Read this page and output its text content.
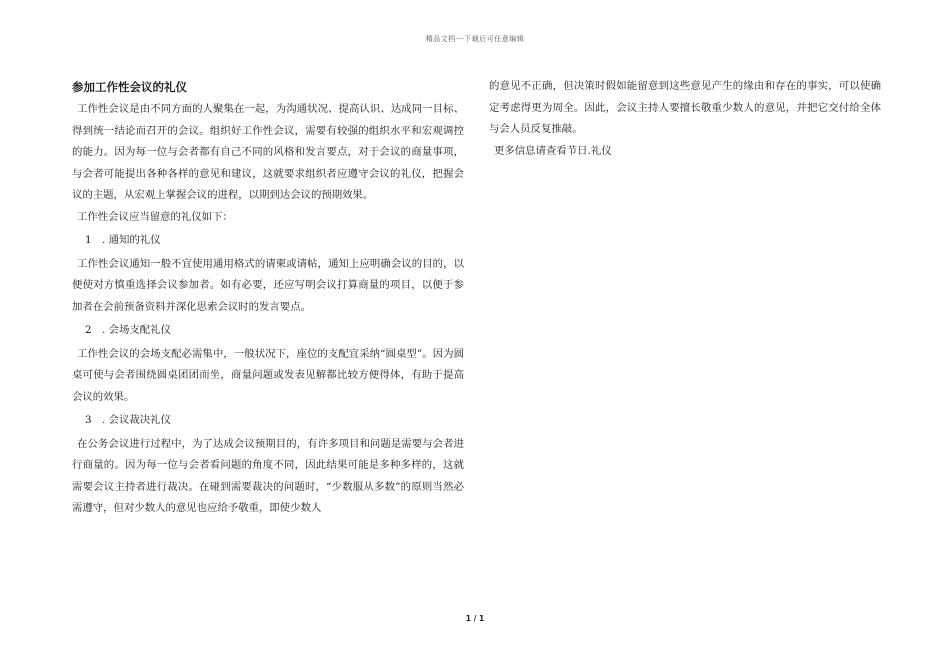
精品文档---下载后可任意编辑
参加工作性会议的礼仪

工作性会议是由不同方面的人聚集在一起，为沟通状况、提高认识、达成同一目标、得到统一结论而召开的会议。组织好工作性会议，需要有较强的组织水平和宏观调控的能力。因为每一位与会者都有自己不同的风格和发言要点，对于会议的商量事项，与会者可能提出各种各样的意见和建议，这就要求组织者应遵守会议的礼仪，把握会议的主题，从宏观上掌握会议的进程，以期到达会议的预期效果。

工作性会议应当留意的礼仪如下：

1　. 通知的礼仪

工作性会议通知一般不宜使用通用格式的请柬或请帖，通知上应明确会议的目的，以便使对方慎重选择会议参加者。如有必要，还应写明会议打算商量的项目，以便于参加者在会前预备资料并深化思索会议时的发言要点。

2　. 会场支配礼仪

工作性会议的会场支配必需集中，一般状况下，座位的支配宜采纳“圆桌型”。因为圆桌可使与会者围绕圆桌团团而坐，商量问题或发表见解都比较方便得体，有助于提高会议的效果。

3　. 会议裁决礼仪

在公务会议进行过程中，为了达成会议预期目的，有许多项目和问题是需要与会者进行商量的。因为每一位与会者看问题的角度不同，因此结果可能是多种多样的，这就需要会议主持者进行裁决。在碰到需要裁决的问题时，“少数服从多数”的原则当然必需遵守，但对少数人的意见也应给予敬重，即使少数人

的意见不正确，但决策时假如能留意到这些意见产生的缘由和存在的事实，可以使确定考虑得更为周全。因此，会议主持人要擅长敬重少数人的意见，并把它交付给全体与会人员反复推敲。

更多信息请查看节日.礼仪

1 / 1
